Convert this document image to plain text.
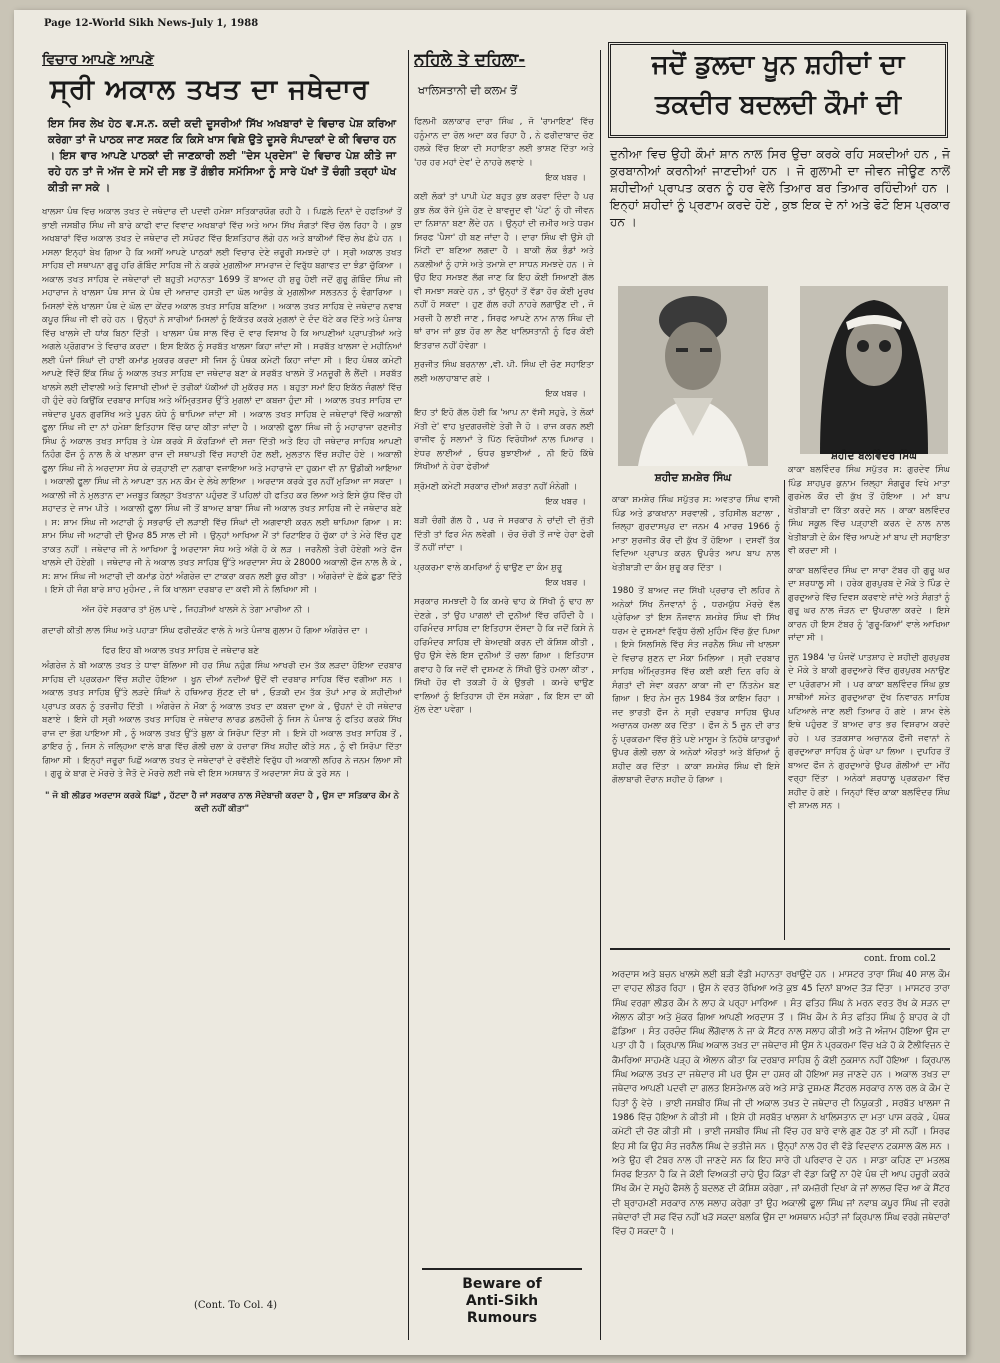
Page 12-World Sikh News-July 1, 1988
ਵਿਚਾਰ ਆਪਣੇ ਆਪਣੇ
ਸ੍ਰੀ ਅਕਾਲ ਤਖਤ ਦਾ ਜਥੇਦਾਰ
ਇਸ ਸਿਰ ਲੇਖ ਹੇਠ ਵ.ਸ.ਨ. ਕਦੀ ਕਦੀ ਦੂਸਰੀਆਂ ਸਿੱਖ ਅਖਬਾਰਾਂ ਦੇ ਵਿਚਾਰ ਪੇਸ਼ ਕਰਿਆ ਕਰੇਗਾ ਤਾਂ ਜੋ ਪਾਠਕ ਜਾਣ ਸਕਣ ਕਿ ਕਿਸੇ ਖਾਸ ਵਿਸ਼ੇ ਉਤੇ ਦੂਸਰੇ ਸੰਪਾਦਕਾਂ ਦੇ ਕੀ ਵਿਚਾਰ ਹਨ । ਇਸ ਵਾਰ ਆਪਣੇ ਪਾਠਕਾਂ ਦੀ ਜਾਣਕਾਰੀ ਲਈ "ਦੇਸ ਪ੍ਰਦੇਸ" ਦੇ ਵਿਚਾਰ ਪੇਸ਼ ਕੀਤੇ ਜਾ ਰਹੇ ਹਨ ਤਾਂ ਜੋ ਅੱਜ ਦੇ ਸਮੇਂ ਦੀ ਸਭ ਤੋਂ ਗੰਭੀਰ ਸਮੱਸਿਆ ਨੂੰ ਸਾਰੇ ਪੱਖਾਂ ਤੋਂ ਚੰਗੀ ਤਰ੍ਹਾਂ ਘੋਖ ਕੀਤੀ ਜਾ ਸਕੇ ।

ਖਾਲਸਾ ਪੰਥ ਵਿਚ ਅਕਾਲ ਤਖਤ ਦੇ ਜਥੇਦਾਰ ਦੀ ਪਦਵੀ ਹਮੇਸ਼ਾ ਸਤਿਕਾਰਯੋਗ ਰਹੀ ਹੈ । ਪਿਛਲੇ ਦਿਨਾਂ ਦੇ ਹਫਤਿਆਂ ਤੋਂ ਭਾਈ ਜਸਬੀਰ ਸਿੰਘ ਜੀ ਬਾਰੇ ਕਾਫੀ ਵਾਦ ਵਿਵਾਦ ਅਖਬਾਰਾਂ ਵਿੱਚ ਅਤੇ ਆਮ ਸਿੱਖ ਸੰਗਤਾਂ ਵਿੱਚ ਚੱਲ ਰਿਹਾ ਹੈ । ਕੁਝ ਅਖਬਾਰਾਂ ਵਿੱਚ ਅਕਾਲ ਤਖਤ ਦੇ ਜਥੇਦਾਰ ਦੀ ਸਪੋਰਟ ਵਿੱਚ ਇਸ਼ਤਿਹਾਰ ਲੱਗੇ ਹਨ ਅਤੇ ਬਾਕੀਆਂ ਵਿੱਚ ਲੇਖ ਛੱਪੇ ਹਨ । ਮਸਲਾ ਇਨ੍ਹਾਂ ਬੇਖ ਗਿਆ ਹੈ ਕਿ ਅਸੀਂ ਆਪਣੇ ਪਾਠਕਾਂ ਲਈ ਵਿਚਾਰ ਦੇਣੇ ਜ਼ਰੂਰੀ ਸਮਝਦੇ ਹਾਂ । ਸ੍ਰੀ ਅਕਾਲ ਤਖਤ ਸਾਹਿਬ ਦੀ ਸਥਾਪਨਾ ਗੁਰੂ ਹਰਿ ਗੋਬਿੰਦ ਸਾਹਿਬ ਜੀ ਨੇ ਕਰਕੇ ਮੁਗਲੀਆ ਸਾਮਰਾਜ ਦੇ ਵਿਰੁੱਧ ਬਗਾਵਤ ਦਾ ਝੰਡਾ ਚੁੱਕਿਆ । ਅਕਾਲ ਤਖਤ ਸਾਹਿਬ ਦੇ ਜਥੇਦਾਰਾਂ ਦੀ ਬਹੁਤੀ ਮਹਾਨਤਾ 1699 ਤੋਂ ਬਾਅਦ ਹੀ ਸ਼ੁਰੂ ਹੋਈ ਜਦੋਂ ਗੁਰੂ ਗੋਬਿੰਦ ਸਿੰਘ ਜੀ ਮਹਾਰਾਜ ਨੇ ਖਾਲਸਾ ਪੰਥ ਸਾਜ ਕੇ ਪੰਥ ਦੀ ਆਜ਼ਾਦ ਹਸਤੀ ਦਾ ਘੋਲ ਆਰੰਭ ਕੇ ਮੁਗਲੀਆ ਸਲਤਨਤ ਨੂੰ ਵੰਗਾਰਿਆ । ਮਿਸਲਾਂ ਵੇਲੇ ਖਾਲਸਾ ਪੰਥ ਦੇ ਘੋਲ ਦਾ ਕੇਂਦਰ ਅਕਾਲ ਤਖਤ ਸਾਹਿਬ ਬਣਿਆ । ਅਕਾਲ ਤਖਤ ਸਾਹਿਬ ਦੇ ਜਥੇਦਾਰ ਨਵਾਬ ਕਪੂਰ ਸਿੰਘ ਜੀ ਵੀ ਰਹੇ ਹਨ । ਉਨ੍ਹਾਂ ਨੇ ਸਾਰੀਆਂ ਮਿਸਲਾਂ ਨੂੰ ਇਕੱਤਰ ਕਰਕੇ ਮੁਗਲਾਂ ਦੇ ਦੰਦ ਖੱਟੇ ਕਰ ਦਿੱਤੇ ਅਤੇ ਪੰਜਾਬ ਵਿੱਚ ਖਾਲਸੇ ਦੀ ਧਾਂਕ ਬਿਠਾ ਦਿੱਤੀ । ਖਾਲਸਾ ਪੰਥ ਸਾਲ ਵਿੱਚ ਦੋ ਵਾਰ ਵਿਸਾਖ ਹੈ ਕਿ ਆਪਣੀਆਂ ਪ੍ਰਾਪਤੀਆਂ ਅਤੇ ਅਗਲੇ ਪ੍ਰੋਗਰਾਮ ਤੇ ਵਿਚਾਰ ਕਰਦਾ । ਇਸ ਇਕੱਠ ਨੂੰ ਸਰਬੱਤ ਖਾਲਸਾ ਕਿਹਾ ਜਾਂਦਾ ਸੀ । ਸਰਬੱਤ ਖਾਲਸਾ ਦੇ ਮਹੀਨਿਆਂ ਲਈ ਪੰਜਾਂ ਸਿੰਘਾਂ ਦੀ ਹਾਈ ਕਮਾਂਡ ਮੁਕਰਰ ਕਰਦਾ ਸੀ ਜਿਸ ਨੂੰ ਪੰਥਕ ਕਮੇਟੀ ਕਿਹਾ ਜਾਂਦਾ ਸੀ । ਇਹ ਪੰਥਕ ਕਮੇਟੀ ਆਪਣੇ ਵਿੱਚੋਂ ਇੱਕ ਸਿੰਘ ਨੂੰ ਅਕਾਲ ਤਖਤ ਸਾਹਿਬ ਦਾ ਜਥੇਦਾਰ ਬਣਾ ਕੇ ਸਰਬੱਤ ਖਾਲਸੇ ਤੋਂ ਮਨਜ਼ੂਰੀ ਲੈ ਲੈਂਦੀ । ਸਰਬੱਤ ਖਾਲਸੇ ਲਈ ਦੀਵਾਲੀ ਅਤੇ ਵਿਸਾਖੀ ਦੀਆਂ ਦੋ ਤਰੀਕਾਂ ਪੱਕੀਆਂ ਹੀ ਮੁਕੱਰਰ ਸਨ । ਬਹੁਤਾ ਸਮਾਂ ਇਹ ਇਕੱਠ ਜੰਗਲਾਂ ਵਿੱਚ ਹੀ ਹੁੰਦੇ ਰਹੇ ਕਿਉਂਕਿ ਦਰਬਾਰ ਸਾਹਿਬ ਅਤੇ ਅੰਮ੍ਰਿਤਸਰ ਉੱਤੇ ਮੁਗਲਾਂ ਦਾ ਕਬਜ਼ਾ ਹੁੰਦਾ ਸੀ । ਅਕਾਲ ਤਖਤ ਸਾਹਿਬ ਦਾ ਜਥੇਦਾਰ ਪੂਰਨ ਗੁਰਸਿੱਖ ਅਤੇ ਪੂਰਨ ਯੋਧੇ ਨੂੰ ਥਾਪਿਆ ਜਾਂਦਾ ਸੀ । ਅਕਾਲ ਤਖਤ ਸਾਹਿਬ ਦੇ ਜਥੇਦਾਰਾਂ ਵਿੱਚੋਂ ਅਕਾਲੀ ਫੂਲਾ ਸਿੰਘ ਜੀ ਦਾ ਨਾਂ ਹਮੇਸ਼ਾ ਇਤਿਹਾਸ ਵਿੱਚ ਯਾਦ ਕੀਤਾ ਜਾਂਦਾ ਹੈ । ਅਕਾਲੀ ਫੂਲਾ ਸਿੰਘ ਜੀ ਨੂੰ ਮਹਾਰਾਜਾ ਰਣਜੀਤ ਸਿੰਘ ਨੂੰ ਅਕਾਲ ਤਖਤ ਸਾਹਿਬ ਤੇ ਪੇਸ਼ ਕਰਕੇ ਸੌ ਕੋਰੜਿਆਂ ਦੀ ਸਜ਼ਾ ਦਿੱਤੀ ਅਤੇ ਇਹ ਹੀ ਜਥੇਦਾਰ ਸਾਹਿਬ ਆਪਣੀ ਨਿਹੰਗ ਫੌਜ ਨੂੰ ਨਾਲ ਲੈ ਕੇ ਖਾਲਸਾ ਰਾਜ ਦੀ ਸਥਾਪਤੀ ਵਿੱਚ ਸਹਾਈ ਹੋਣ ਲਈ, ਮੁਲਤਾਨ ਵਿੱਚ ਸ਼ਹੀਦ ਹੋਏ । ਅਕਾਲੀ ਫੂਲਾ ਸਿੰਘ ਜੀ ਨੇ ਅਰਦਾਸਾ ਸੋਧ ਕੇ ਚੜ੍ਹਾਈ ਦਾ ਨਗਾਰਾ ਵਜਾਇਆ ਅਤੇ ਮਹਾਰਾਜੇ ਦਾ ਹੁਕਮਾ ਵੀ ਨਾ ਉਡੀਕੀ ਆਇਆ । ਅਕਾਲੀ ਫੂਲਾ ਸਿੰਘ ਜੀ ਨੇ ਆਪਣਾ ਤਨ ਮਨ ਕੌਮ ਦੇ ਲੇਖੇ ਲਾਇਆ । ਅਰਦਾਸ ਕਰਕੇ ਤੁਰ ਨਹੀਂ ਮੁੜਿਆ ਜਾ ਸਕਦਾ । ਅਕਾਲੀ ਜੀ ਨੇ ਮੁਲਤਾਨ ਦਾ ਮਜ਼ਬੂਤ ਕਿਲ੍ਹਾ ਤੱਖਤਾਨਾ ਪਹੁੰਚਣ ਤੋਂ ਪਹਿਲਾਂ ਹੀ ਫਤਿਹ ਕਰ ਲਿਆ ਅਤੇ ਇਸੇ ਯੁੱਧ ਵਿੱਚ ਹੀ ਸ਼ਹਾਦਤ ਦੇ ਜਾਮ ਪੀਤੇ । ਅਕਾਲੀ ਫੂਲਾ ਸਿੰਘ ਜੀ ਤੋਂ ਬਾਅਦ ਬਾਬਾ ਸਿੰਘ ਜੀ ਅਕਾਲ ਤਖਤ ਸਾਹਿਬ ਜੀ ਦੇ ਜਥੇਦਾਰ ਬਣੇ । ਸ: ਸ਼ਾਮ ਸਿੰਘ ਜੀ ਅਟਾਰੀ ਨੂੰ ਸਭਰਾਓ ਦੀ ਲੜਾਈ ਵਿੱਚ ਸਿੰਘਾਂ ਦੀ ਅਗਵਾਈ ਕਰਨ ਲਈ ਥਾਪਿਆ ਗਿਆ । ਸ: ਸ਼ਾਮ ਸਿੰਘ ਜੀ ਅਟਾਰੀ ਦੀ ਉਮਰ 85 ਸਾਲ ਦੀ ਸੀ । ਉਨ੍ਹਾਂ ਆਖਿਆ ਮੈਂ ਤਾਂ ਰਿਟਾਇਰ ਹੋ ਚੁੱਕਾ ਹਾਂ ਤੇ ਮੇਰੇ ਵਿੱਚ ਹੁਣ ਤਾਕਤ ਨਹੀਂ । ਜਥੇਦਾਰ ਜੀ ਨੇ ਆਖਿਆ ਤੂੰ ਅਰਦਾਸਾ ਸੋਧ ਅਤੇ ਅੱਗੇ ਹੋ ਕੇ ਲੜ । ਜਰਨੈਲੀ ਤੇਰੀ ਹੋਏਗੀ ਅਤੇ ਫੌਜ ਖਾਲਸੇ ਦੀ ਹੋਏਗੀ । ਜਥੇਦਾਰ ਜੀ ਨੇ ਅਕਾਲ ਤਖਤ ਸਾਹਿਬ ਉੱਤੇ ਅਰਦਾਸਾ ਸੋਧ ਕੇ 28000 ਅਕਾਲੀ ਫੌਜ ਨਾਲ ਲੈ ਕੇ , ਸ: ਸ਼ਾਮ ਸਿੰਘ ਜੀ ਅਟਾਰੀ ਦੀ ਕਮਾਂਡ ਹੇਠਾਂ ਅੰਗਰੇਜ਼ ਦਾ ਟਾਕਰਾ ਕਰਨ ਲਈ ਕੂਚ ਕੀਤਾ । ਅੰਗਰੇਜ਼ਾਂ ਦੇ ਛੱਕੇ ਛੁਡਾ ਦਿੱਤੇ । ਇਸੇ ਹੀ ਜੰਗ ਬਾਰੇ ਸ਼ਾਹ ਮੁਹੰਮਦ , ਜੋ ਕਿ ਖਾਲਸਾ ਦਰਬਾਰ ਦਾ ਕਵੀ ਸੀ ਨੇ ਲਿਖਿਆ ਸੀ ।

ਅੱਜ ਹੋਵੇ ਸਰਕਾਰ ਤਾਂ ਮੁੱਲ ਪਾਵੇ , ਜਿਹੜੀਆਂ ਖਾਲਸੇ ਨੇ ਤੇਗਾ ਮਾਰੀਆ ਨੀ ।

ਗਦਾਰੀ ਕੀਤੀ ਲਾਲ ਸਿੰਘ ਅਤੇ ਪਹਾੜਾ ਸਿੰਘ ਫਰੀਦਕੋਟ ਵਾਲੇ ਨੇ ਅਤੇ ਪੰਜਾਬ ਗੁਲਾਮ ਹੋ ਗਿਆ ਅੰਗਰੇਜ਼ ਦਾ ।

ਫਿਰ ਇਹ ਬੀ ਅਕਾਲ ਤਖਤ ਸਾਹਿਬ ਦੇ ਜਥੇਦਾਰ ਬਣੇ

ਅੰਗਰੇਜ਼ ਨੇ ਬੀ ਅਕਾਲ ਤਖਤ ਤੇ ਧਾਵਾ ਬੋਲਿਆ ਸੀ ਹਰ ਸਿੰਘ ਨਹੁੰਗ ਸਿੰਘ ਆਖਰੀ ਦਮ ਤੱਕ ਲੜਦਾ ਹੋਇਆ ਦਰਬਾਰ ਸਾਹਿਬ ਦੀ ਪ੍ਰਕਰਮਾ ਵਿੱਚ ਸ਼ਹੀਦ ਹੋਇਆ । ਖੂਨ ਦੀਆਂ ਨਦੀਆਂ ਉਦੋਂ ਵੀ ਦਰਬਾਰ ਸਾਹਿਬ ਵਿੱਚ ਵਗੀਆ ਸਨ । ਅਕਾਲ ਤਖਤ ਸਾਹਿਬ ਉੱਤੇ ਲੜਦੇ ਸਿੰਘਾਂ ਨੇ ਹਥਿਆਰ ਸੁੱਟਣ ਦੀ ਥਾਂ , ਓੜਕੀ ਦਮ ਤੱਕ ਤੋਪਾਂ ਮਾਰ ਕੇ ਸ਼ਹੀਦੀਆਂ ਪ੍ਰਾਪਤ ਕਰਨ ਨੂੰ ਤਰਜੀਹ ਦਿੱਤੀ । ਅੰਗਰੇਜ਼ ਨੇ ਮੌਕਾ ਨੂੰ ਅਕਾਲ ਤਖਤ ਦਾ ਕਬਜ਼ਾ ਦੁਆ ਕੇ , ਉਹਨਾਂ ਦੇ ਹੀ ਜਥੇਦਾਰ ਬਣਾਏ । ਇਸੇ ਹੀ ਸ੍ਰੀ ਅਕਾਲ ਤਖਤ ਸਾਹਿਬ ਦੇ ਜਥੇਦਾਰ ਲਾਰਡ ਡਲਹੌਜ਼ੀ ਨੂੰ ਜਿਸ ਨੇ ਪੰਜਾਬ ਨੂੰ ਫਤਿਹ ਕਰਕੇ ਸਿੱਖ ਰਾਜ ਦਾ ਭੋਗ ਪਾਇਆ ਸੀ , ਨੂੰ ਅਕਾਲ ਤਖਤ ਉੱਤੇ ਬੁਲਾ ਕੇ ਸਿਰੋਪਾ ਦਿੱਤਾ ਸੀ । ਇਸੇ ਹੀ ਅਕਾਲ ਤਖਤ ਸਾਹਿਬ ਤੋਂ , ਡਾਇਰ ਨੂੰ , ਜਿਸ ਨੇ ਜਲ੍ਹਿਆ ਵਾਲੇ ਬਾਗ ਵਿੱਚ ਗੋਲੀ ਚਲਾ ਕੇ ਹਜ਼ਾਰਾ ਸਿੱਖ ਸ਼ਹੀਦ ਕੀਤੇ ਸਨ , ਨੂੰ ਵੀ ਸਿਰੋਪਾ ਦਿੱਤਾ ਗਿਆ ਸੀ । ਇਨ੍ਹਾਂ ਜਰੂਰਾ ਪਿਛੋਂ ਅਕਾਲ ਤਖਤ ਦੇ ਜਥੇਦਾਰਾਂ ਦੇ ਰਵੱਈਏ ਵਿਰੁੱਧ ਹੀ ਅਕਾਲੀ ਲਹਿਰ ਨੇ ਜਨਮ ਲਿਆ ਸੀ । ਗੁਰੂ ਕੇ ਬਾਗ ਦੇ ਮੋਰਚੇ ਤੇ ਜੈਤੋ ਦੇ ਮੋਰਚੇ ਲਈ ਜਥੇ ਵੀ ਇਸ ਅਸਥਾਨ ਤੋਂ ਅਰਦਾਸਾ ਸੋਧ ਕੇ ਤੁਰੇ ਸਨ ।

" ਜੋ ਬੀ ਲੀਡਰ ਅਰਦਾਸ ਕਰਕੇ ਪਿੱਛਾਂ , ਹੱਟਦਾ ਹੈ ਜਾਂ ਸਰਕਾਰ ਨਾਲ ਸੌਦੇਬਾਜ਼ੀ ਕਰਦਾ ਹੈ , ਉਸ ਦਾ ਸਤਿਕਾਰ ਕੌਮ ਨੇ ਕਦੀ ਨਹੀਂ ਕੀਤਾ"

(Cont. To Col. 4)
ਨਹਿਲੇ ਤੇ ਦਹਿਲਾ-
ਖਾਲਿਸਤਾਨੀ ਦੀ ਕਲਮ ਤੋਂ

ਫਿਲਮੀ ਕਲਾਕਾਰ ਦਾਰਾ ਸਿੰਘ , ਜੋ 'ਰਾਮਾਇਣ' ਵਿੱਚ ਹਨੂੰਮਾਨ ਦਾ ਰੋਲ ਅਦਾ ਕਰ ਰਿਹਾ ਹੈ , ਨੇ ਫਰੀਦਾਬਾਦ ਚੋਣ ਹਲਕੇ ਵਿੱਚ ਇਕਾ ਦੀ ਸਹਾਇਤਾ ਲਈ ਭਾਸ਼ਣ ਦਿੱਤਾ ਅਤੇ 'ਹਰ ਹਰ ਮਹਾਂ ਦੇਵ' ਦੇ ਨਾਹਰੇ ਲਵਾਏ ।

ਇਕ ਖਬਰ ।

ਕਈ ਲੋਕਾਂ ਤਾਂ ਪਾਪੀ ਪੇਟ ਬਹੁਤ ਕੁਝ ਕਰਵਾ ਦਿੰਦਾ ਹੈ ਪਰ ਕੁਝ ਲੋਕ ਰੱਜੇ ਪੁੱਜੇ ਹੋਣ ਦੇ ਬਾਵਜੂਦ ਵੀ 'ਪੇਟ' ਨੂੰ ਹੀ ਜੀਵਨ ਦਾ ਨਿਸ਼ਾਨਾ ਬਣਾ ਲੈਂਦੇ ਹਨ । ਉਨ੍ਹਾਂ ਦੀ ਜ਼ਮੀਰ ਅਤੇ ਧਰਮ ਸਿਰਫ 'ਪੈਸਾ' ਹੀ ਬਣ ਜਾਂਦਾ ਹੈ । ਦਾਰਾ ਸਿੰਘ ਵੀ ਉਸੇ ਹੀ ਮਿੱਟੀ ਦਾ ਬਣਿਆ ਲਗਦਾ ਹੈ । ਬਾਕੀ ਲੋਕ ਭੰਡਾਂ ਅਤੇ ਨਕਲੀਆਂ ਨੂੰ ਹਾਸੇ ਅਤੇ ਤਮਾਸ਼ੇ ਦਾ ਸਾਧਨ ਸਮਝਦੇ ਹਨ । ਜੇ ਉਹ ਇਹ ਸਮਝਣ ਲੱਗ ਜਾਣ ਕਿ ਇਹ ਕੋਈ ਸਿਆਣੀ ਗੱਲ ਵੀ ਸਮਝਾ ਸਕਦੇ ਹਨ , ਤਾਂ ਉਨ੍ਹਾਂ ਤੋਂ ਵੱਡਾ ਹੋਰ ਕੋਈ ਮੂਰਖ ਨਹੀਂ ਹੋ ਸਕਦਾ । ਹੁਣ ਗੱਲ ਰਹੀ ਨਾਹਰੇ ਲਗਾਉਣ ਦੀ , ਜੋ ਮਰਜ਼ੀ ਹੈ ਲਾਈ ਜਾਣ , ਸਿਰਫ ਆਪਣੇ ਨਾਮ ਨਾਲ ਸਿੰਘ ਦੀ ਥਾਂ ਰਾਮ ਜਾਂ ਕੁਝ ਹੋਰ ਲਾ ਲੈਣ ਖਾਲਿਸਤਾਨੀ ਨੂੰ ਫਿਰ ਕੋਈ ਇਤਰਾਜ਼ ਨਹੀਂ ਹੋਵੇਗਾ ।

ਸੁਰਜੀਤ ਸਿੰਘ ਬਰਨਾਲਾ ,ਵੀ. ਪੀ. ਸਿੰਘ ਦੀ ਚੋਣ ਸਹਾਇਤਾ ਲਈ ਅਲਾਹਾਬਾਦ ਗਏ ।

ਇਕ ਖਬਰ ।

ਇਹ ਤਾਂ ਇਹੋ ਗੱਲ ਹੋਈ ਕਿ 'ਆਪ ਨਾ ਵੱਸੀ ਸਹੁਰੇ, ਤੇ ਲੋਕਾਂ ਮੱਤੀ ਦੇ' ਵਾਹ ਖੁਦਗਰਜ਼ੀਏ ਤੇਰੀ ਜੈ ਹੋ । ਰਾਜ ਕਰਨ ਲਈ ਰਾਜੀਵ ਨੂੰ ਸਲਾਮਾਂ ਤੇ ਪਿੱਠ ਵਿਰੋਧੀਆਂ ਨਾਲ ਪਿਆਰ । ਏਧਰ ਲਾਈਆਂ , ਓਧਰ ਬੁਝਾਈਆਂ , ਨੀ ਇਹੋ ਕਿੱਥੇ ਸਿੱਖੀਆਂ ਨੇ ਹੇਰਾ ਫੇਰੀਆਂ

ਸ਼੍ਰੋਮਣੀ ਕਮੇਟੀ ਸਰਕਾਰ ਦੀਆਂ ਸ਼ਰਤਾ ਨਹੀਂ ਮੰਨੇਗੀ ।

ਇਕ ਖਬਰ ।

ਬੜੀ ਚੰਗੀ ਗੱਲ ਹੈ , ਪਰ ਜੇ ਸਰਕਾਰ ਨੇ ਚਾਂਦੀ ਦੀ ਜੁੱਤੀ ਦਿੱਤੀ ਤਾਂ ਫਿਰ ਮੰਨ ਲਵੇਗੀ । ਚੋਰ ਚੋਰੀ ਤੋਂ ਜਾਵੇ ਹੇਰਾ ਫੇਰੀ ਤੋਂ ਨਹੀਂ ਜਾਂਦਾ ।

ਪ੍ਰਕਰਮਾ ਵਾਲੇ ਕਮਰਿਆਂ ਨੂੰ ਢਾਉਣ ਦਾ ਕੰਮ ਸ਼ੁਰੂ

ਇਕ ਖਬਰ ।

ਸਰਕਾਰ ਸਮਝਦੀ ਹੈ ਕਿ ਕਮਰੇ ਢਾਹ ਕੇ ਸਿੱਖੀ ਨੂੰ ਢਾਹ ਲਾ ਦੇਣਗੇ , ਤਾਂ ਉਹ ਪਾਗਲਾਂ ਦੀ ਦੁਨੀਆਂ ਵਿੱਚ ਰਹਿੰਦੀ ਹੈ । ਹਰਿਮੰਦਰ ਸਾਹਿਬ ਦਾ ਇਤਿਹਾਸ ਦੱਸਦਾ ਹੈ ਕਿ ਜਦੋਂ ਕਿਸੇ ਨੇ ਹਰਿਮੰਦਰ ਸਾਹਿਬ ਦੀ ਬੇਅਦਬੀ ਕਰਨ ਦੀ ਕੋਸ਼ਿਸ਼ ਕੀਤੀ , ਉਹ ਉਸੇ ਵੇਲੇ ਇਸ ਦੁਨੀਆਂ ਤੋਂ ਚਲਾ ਗਿਆ । ਇਤਿਹਾਸ ਗਵਾਹ ਹੈ ਕਿ ਜਦੋਂ ਵੀ ਦੁਸ਼ਮਣ ਨੇ ਸਿੱਖੀ ਉਤੇ ਹਮਲਾ ਕੀਤਾ , ਸਿੱਖੀ ਹੋਰ ਵੀ ਤਕੜੀ ਹੋ ਕੇ ਉਭਰੀ । ਕਮਰੇ ਢਾਉਣ ਵਾਲਿਆਂ ਨੂੰ ਇਤਿਹਾਸ ਹੀ ਦੱਸ ਸਕੇਗਾ , ਕਿ ਇਸ ਦਾ ਕੀ ਮੁੱਲ ਦੇਣਾ ਪਵੇਗਾ ।

Beware of
Anti-Sikh
Rumours
ਜਦੋਂ ਡੁਲਦਾ ਖੂਨ ਸ਼ਹੀਦਾਂ ਦਾ
ਤਕਦੀਰ ਬਦਲਦੀ ਕੌਮਾਂ ਦੀ
ਦੁਨੀਆ ਵਿਚ ਉਹੀ ਕੌਮਾਂ ਸ਼ਾਨ ਨਾਲ ਸਿਰ ਉਚਾ ਕਰਕੇ ਰਹਿ ਸਕਦੀਆਂ ਹਨ , ਜੋ ਕੁਰਬਾਨੀਆਂ ਕਰਨੀਆਂ ਜਾਣਦੀਆਂ ਹਨ । ਜੋ ਗੁਲਾਮੀ ਦਾ ਜੀਵਨ ਜੀਊਣ ਨਾਲੋਂ ਸ਼ਹੀਦੀਆਂ ਪ੍ਰਾਪਤ ਕਰਨ ਨੂੰ ਹਰ ਵੇਲੇ ਤਿਆਰ ਬਰ ਤਿਆਰ ਰਹਿੰਦੀਆਂ ਹਨ । ਇਨ੍ਹਾਂ ਸ਼ਹੀਦਾਂ ਨੂੰ ਪ੍ਰਣਾਮ ਕਰਦੇ ਹੋਏ , ਕੁਝ ਇਕ ਦੇ ਨਾਂ ਅਤੇ ਫੋਟੋ ਇਸ ਪ੍ਰਕਾਰ ਹਨ ।
ਸ਼ਹੀਦ ਸ਼ਮਸ਼ੇਰ ਸਿੰਘ
ਸ਼ਹੀਦ ਬਲਵਿੰਦਰ ਸਿੰਘ

ਕਾਕਾ ਸ਼ਮਸ਼ੇਰ ਸਿੰਘ ਸਪੁੱਤਰ ਸ: ਅਵਤਾਰ ਸਿੰਘ ਵਾਸੀ ਪਿੰਡ ਅਤੇ ਡਾਕਖਾਨਾ ਸਰਵਾਲੀ , ਤਹਿਸੀਲ ਬਟਾਲਾ , ਜ਼ਿਲ੍ਹਾ ਗੁਰਦਾਸਪੁਰ ਦਾ ਜਨਮ 4 ਮਾਰਚ 1966 ਨੂੰ ਮਾਤਾ ਸੁਰਜੀਤ ਕੌਰ ਦੀ ਕੁੱਖ ਤੋਂ ਹੋਇਆ । ਦਸਵੀਂ ਤੱਕ ਵਿਦਿਆ ਪ੍ਰਾਪਤ ਕਰਨ ਉਪਰੰਤ ਆਪ ਬਾਪ ਨਾਲ ਖੇਤੀਬਾੜੀ ਦਾ ਕੰਮ ਸ਼ੁਰੂ ਕਰ ਦਿੱਤਾ ।

1980 ਤੋਂ ਬਾਅਦ ਜਦ ਸਿੱਖੀ ਪ੍ਰਚਾਰ ਦੀ ਲਹਿਰ ਨੇ ਅਨੇਕਾਂ ਸਿੱਖ ਨੌਜਵਾਨਾਂ ਨੂੰ , ਧਰਮਯੁੱਧ ਮੋਰਚੇ ਵੱਲ ਪ੍ਰੇਰਿਆ ਤਾਂ ਇਸ ਨੌਜਵਾਨ ਸ਼ਮਸ਼ੇਰ ਸਿੰਘ ਵੀ ਸਿੱਖ ਧਰਮ ਦੇ ਦੁਸ਼ਮਣਾਂ ਵਿਰੁੱਧ ਚੱਲੀ ਮੁਹਿੰਮ ਵਿੱਚ ਕੁੱਦ ਪਿਆ । ਇਸੇ ਸਿਲਸਿਲੇ ਵਿੱਚ ਸੰਤ ਜਰਨੈਲ ਸਿੰਘ ਜੀ ਖਾਲਸਾ ਦੇ ਵਿਚਾਰ ਸੁਣਨ ਦਾ ਮੌਕਾ ਮਿਲਿਆ । ਸ੍ਰੀ ਦਰਬਾਰ ਸਾਹਿਬ ਅੰਮ੍ਰਿਤਸਰ ਵਿੱਚ ਕਈ ਕਈ ਦਿਨ ਰਹਿ ਕੇ ਸੰਗਤਾਂ ਦੀ ਸੇਵਾ ਕਰਨਾ ਕਾਕਾ ਜੀ ਦਾ ਨਿੱਤਨੇਮ ਬਣ ਗਿਆ । ਇਹ ਨੇਮ ਜੂਨ 1984 ਤੱਕ ਕਾਇਮ ਰਿਹਾ । ਜਦ ਭਾਰਤੀ ਫੌਜ ਨੇ ਸ੍ਰੀ ਦਰਬਾਰ ਸਾਹਿਬ ਉਪਰ ਅਚਾਨਕ ਹਮਲਾ ਕਰ ਦਿੱਤਾ । ਫੌਜ ਨੇ 5 ਜੂਨ ਦੀ ਰਾਤ ਨੂੰ ਪ੍ਰਕਰਮਾ ਵਿੱਚ ਸੁੱਤੇ ਪਏ ਮਾਸੂਮ ਤੇ ਨਿਹੱਥੇ ਯਾਤਰੂਆਂ ਉਪਰ ਗੋਲੀ ਚਲਾ ਕੇ ਅਨੇਕਾਂ ਔਰਤਾਂ ਅਤੇ ਬੱਚਿਆਂ ਨੂੰ ਸ਼ਹੀਦ ਕਰ ਦਿੱਤਾ । ਕਾਕਾ ਸ਼ਮਸ਼ੇਰ ਸਿੰਘ ਵੀ ਇਸੇ ਗੋਲਾਬਾਰੀ ਦੌਰਾਨ ਸ਼ਹੀਦ ਹੋ ਗਿਆ ।

ਕਾਕਾ ਬਲਵਿੰਦਰ ਸਿੰਘ ਸਪੁੱਤਰ ਸ: ਗੁਰਦੇਵ ਸਿੰਘ ਪਿੰਡ ਸ਼ਾਹਪੁਰ ਕੁਨਾਮ ਜ਼ਿਲ੍ਹਾ ਸੰਗਰੂਰ ਵਿਖੇ ਮਾਤਾ ਗੁਰਮੇਲ ਕੌਰ ਦੀ ਕੁੱਖ ਤੋਂ ਹੋਇਆ । ਮਾਂ ਬਾਪ ਖੇਤੀਬਾੜੀ ਦਾ ਕਿੱਤਾ ਕਰਦੇ ਸਨ । ਕਾਕਾ ਬਲਵਿੰਦਰ ਸਿੰਘ ਸਕੂਲ ਵਿੱਚ ਪੜ੍ਹਾਈ ਕਰਨ ਦੇ ਨਾਲ ਨਾਲ ਖੇਤੀਬਾੜੀ ਦੇ ਕੰਮ ਵਿੱਚ ਆਪਣੇ ਮਾਂ ਬਾਪ ਦੀ ਸਹਾਇਤਾ ਵੀ ਕਰਦਾ ਸੀ ।

ਕਾਕਾ ਬਲਵਿੰਦਰ ਸਿੰਘ ਦਾ ਸਾਰਾ ਟੱਬਰ ਹੀ ਗੁਰੂ ਘਰ ਦਾ ਸ਼ਰਧਾਲੂ ਸੀ । ਹਰੇਕ ਗੁਰਪੁਰਬ ਦੇ ਮੌਕੇ ਤੇ ਪਿੰਡ ਦੇ ਗੁਰਦੁਆਰੇ ਵਿੱਚ ਦਿਵਸ ਕਰਵਾਏ ਜਾਂਦੇ ਅਤੇ ਸੰਗਤਾਂ ਨੂੰ ਗੁਰੂ ਘਰ ਨਾਲ ਜੋੜਨ ਦਾ ਉਪਰਾਲਾ ਕਰਦੇ । ਇਸੇ ਕਾਰਨ ਹੀ ਇਸ ਟੱਬਰ ਨੂੰ 'ਗੁਰੂ-ਕਿਆਂ' ਵਾਲੇ ਆਖਿਆ ਜਾਂਦਾ ਸੀ ।

ਜੂਨ 1984 'ਚ ਪੰਜਵੇਂ ਪਾਤਸ਼ਾਹ ਦੇ ਸ਼ਹੀਦੀ ਗੁਰਪੁਰਬ ਦੇ ਮੌਕੇ ਤੇ ਬਾਕੀ ਗੁਰਦੁਆਰੇ ਵਿੱਚ ਗੁਰਪੁਰਬ ਮਨਾਉਣ ਦਾ ਪ੍ਰੋਗਰਾਮ ਸੀ । ਪਰ ਕਾਕਾ ਬਲਵਿੰਦਰ ਸਿੰਘ ਕੁਝ ਸਾਥੀਆਂ ਸਮੇਤ ਗੁਰਦੁਆਰਾ ਦੁੱਖ ਨਿਵਾਰਨ ਸਾਹਿਬ ਪਟਿਆਲੇ ਜਾਣ ਲਈ ਤਿਆਰ ਹੋ ਗਏ । ਸ਼ਾਮ ਵੇਲੇ ਇਥੇ ਪਹੁੰਚਣ ਤੋਂ ਬਾਅਦ ਰਾਤ ਭਰ ਵਿਸ਼ਰਾਮ ਕਰਦੇ ਰਹੇ । ਪਰ ਤੜਕਸਾਰ ਅਚਾਨਕ ਫੌਜੀ ਜਵਾਨਾਂ ਨੇ ਗੁਰਦੁਆਰਾ ਸਾਹਿਬ ਨੂੰ ਘੇਰਾ ਪਾ ਲਿਆ । ਦੁਪਹਿਰ ਤੋਂ ਬਾਅਦ ਫੌਜ ਨੇ ਗੁਰਦੁਆਰੇ ਉਪਰ ਗੋਲੀਆਂ ਦਾ ਮੀਂਹ ਵਰ੍ਹਾ ਦਿੱਤਾ । ਅਨੇਕਾਂ ਸ਼ਰਧਾਲੂ ਪ੍ਰਕਰਮਾ ਵਿੱਚ ਸ਼ਹੀਦ ਹੋ ਗਏ । ਜਿਨ੍ਹਾਂ ਵਿੱਚ ਕਾਕਾ ਬਲਵਿੰਦਰ ਸਿੰਘ ਵੀ ਸ਼ਾਮਲ ਸਨ ।

cont. from col.2

ਅਰਦਾਸ ਅਤੇ ਬਚਨ ਖਾਲਸੇ ਲਈ ਬੜੀ ਵੱਡੀ ਮਹਾਨਤਾ ਰਖਾਉਂਦੇ ਹਨ । ਮਾਸਟਰ ਤਾਰਾ ਸਿੰਘ 40 ਸਾਲ ਕੌਮ ਦਾ ਵਾਹਦ ਲੀਡਰ ਰਿਹਾ । ਉਸ ਨੇ ਵਰਤ ਰੱਖਿਆ ਅਤੇ ਕੁਝ 45 ਦਿਨਾਂ ਬਾਅਦ ਤੋੜ ਦਿੱਤਾ । ਮਾਸਟਰ ਤਾਰਾ ਸਿੰਘ ਵਰਗਾ ਲੀਡਰ ਕੌਮ ਨੇ ਲਾਹ ਕੇ ਪਰ੍ਹਾ ਮਾਰਿਆ । ਸੰਤ ਫਤਿਹ ਸਿੰਘ ਨੇ ਮਰਨ ਵਰਤ ਰੱਖ ਕੇ ਸੜਨ ਦਾ ਐਲਾਨ ਕੀਤਾ ਅਤੇ ਮੁੱਕਰ ਗਿਆ ਆਪਣੀ ਅਰਦਾਸ ਤੋਂ । ਸਿੱਖ ਕੌਮ ਨੇ ਸੰਤ ਫਤਿਹ ਸਿੰਘ ਨੂੰ ਬਾਹਰ ਕੇ ਹੀ ਛੱਡਿਆ । ਸੰਤ ਹਰਚੰਦ ਸਿੰਘ ਲੌਂਗੋਵਾਲ ਨੇ ਜਾ ਕੇ ਸੈਂਟਰ ਨਾਲ ਸਲਾਹ ਕੀਤੀ ਅਤੇ ਜੋ ਅੰਜਾਮ ਹੋਇਆ ਉਸ ਦਾ ਪਤਾ ਹੀ ਹੈ । ਕ੍ਰਿਪਾਲ ਸਿੰਘ ਅਕਾਲ ਤਖਤ ਦਾ ਜਥੇਦਾਰ ਸੀ ਉਸ ਨੇ ਪ੍ਰਕਰਮਾ ਵਿੱਚ ਖੜੇ ਹੋ ਕੇ ਟੈਲੀਵਿਜ਼ਨ ਦੇ ਕੈਮਰਿਆ ਸਾਹਮਣੇ ਪੜ੍ਹ ਕੇ ਐਲਾਨ ਕੀਤਾ ਕਿ ਦਰਬਾਰ ਸਾਹਿਬ ਨੂੰ ਕੋਈ ਨੁਕਸਾਨ ਨਹੀਂ ਹੋਇਆ । ਕ੍ਰਿਪਾਲ ਸਿੰਘ ਅਕਾਲ ਤਖਤ ਦਾ ਜਥੇਦਾਰ ਸੀ ਪਰ ਉਸ ਦਾ ਹਸ਼ਰ ਕੀ ਹੋਇਆ ਸਭ ਜਾਣਦੇ ਹਨ । ਅਕਾਲ ਤਖਤ ਦਾ ਜਥੇਦਾਰ ਆਪਣੀ ਪਦਵੀ ਦਾ ਗਲਤ ਇਸਤੇਮਾਲ ਕਰੇ ਅਤੇ ਸਾਡੇ ਦੁਸ਼ਮਣ ਸੈਂਟਰਲ ਸਰਕਾਰ ਨਾਲ ਰਲ ਕੇ ਕੌਮ ਦੇ ਹਿਤਾਂ ਨੂੰ ਵੇਚੇ । ਭਾਈ ਜਸਬੀਰ ਸਿੰਘ ਜੀ ਦੀ ਅਕਾਲ ਤਖਤ ਦੇ ਜਥੇਦਾਰ ਦੀ ਨਿਯੁਕਤੀ , ਸਰਬੱਤ ਖਾਲਸਾ ਜੋ 1986 ਵਿੱਚ ਹੋਇਆ ਨੇ ਕੀਤੀ ਸੀ । ਇਸੇ ਹੀ ਸਰਬੱਤ ਖਾਲਸਾ ਨੇ ਖਾਲਿਸਤਾਨ ਦਾ ਮਤਾ ਪਾਸ ਕਰਕੇ , ਪੰਥਕ ਕਮੇਟੀ ਦੀ ਚੋਣ ਕੀਤੀ ਸੀ । ਭਾਈ ਜਸਬੀਰ ਸਿੰਘ ਜੀ ਵਿੱਚ ਹਰ ਬਾਰੇ ਵਾਲੇ ਗੁਣ ਹੋਣ ਤਾਂ ਸੀ ਨਹੀਂ । ਸਿਰਫ ਇਹ ਸੀ ਕਿ ਉਹ ਸੰਤ ਜਰਨੈਲ ਸਿੰਘ ਦੇ ਭਤੀਜੇ ਸਨ । ਉਨ੍ਹਾਂ ਨਾਲ ਹੋਰ ਵੀ ਵੱਡੇ ਵਿਦਵਾਨ ਟਕਸਾਲ ਕੋਲ ਸਨ । ਅਤੇ ਉਹ ਵੀ ਟੱਬਰ ਨਾਲ ਹੀ ਜਾਣਦੇ ਸਨ ਕਿ ਇਹ ਸਾਰੇ ਹੀ ਪਰਿਵਾਰ ਦੇ ਹਨ । ਸਾਡਾ ਕਹਿਣ ਦਾ ਮਤਲਬ ਸਿਰਫ ਇਤਨਾ ਹੈ ਕਿ ਜੇ ਕੋਈ ਵਿਅਕਤੀ ਚਾਹੇ ਉਹ ਕਿੱਡਾ ਵੀ ਵੱਡਾ ਕਿਉਂ ਨਾ ਹੋਵੇ ਪੰਥ ਦੀ ਆਪ ਹਜ਼ੂਰੀ ਕਰਕੇ ਸਿੱਖ ਕੌਮ ਦੇ ਸਮੂਹੇ ਫੈਸਲੇ ਨੂੰ ਬਦਲਣ ਦੀ ਕੋਸ਼ਿਸ਼ ਕਰੇਗਾ , ਜਾਂ ਕਮਜ਼ੋਰੀ ਦਿਖਾ ਕੇ ਜਾਂ ਲਾਲਚ ਵਿੱਚ ਆ ਕੇ ਸੈਂਟਰ ਦੀ ਬ੍ਰਾਹਮਣੀ ਸਰਕਾਰ ਨਾਲ ਸਲਾਹ ਕਰੇਗਾ ਤਾਂ ਉਹ ਅਕਾਲੀ ਫੂਲਾ ਸਿੰਘ ਜਾਂ ਨਵਾਬ ਕਪੂਰ ਸਿੰਘ ਜੀ ਵਰਗੇ ਜਥੇਦਾਰਾਂ ਦੀ ਸਫ ਵਿੱਚ ਨਹੀਂ ਖੜੋ ਸਕਦਾ ਬਲਕਿ ਉਸ ਦਾ ਅਸਥਾਨ ਮਹੰਤਾਂ ਜਾਂ ਕ੍ਰਿਪਾਲ ਸਿੰਘ ਵਰਗੇ ਜਥੇਦਾਰਾਂ ਵਿੱਚ ਹੋ ਸਕਦਾ ਹੈ ।
